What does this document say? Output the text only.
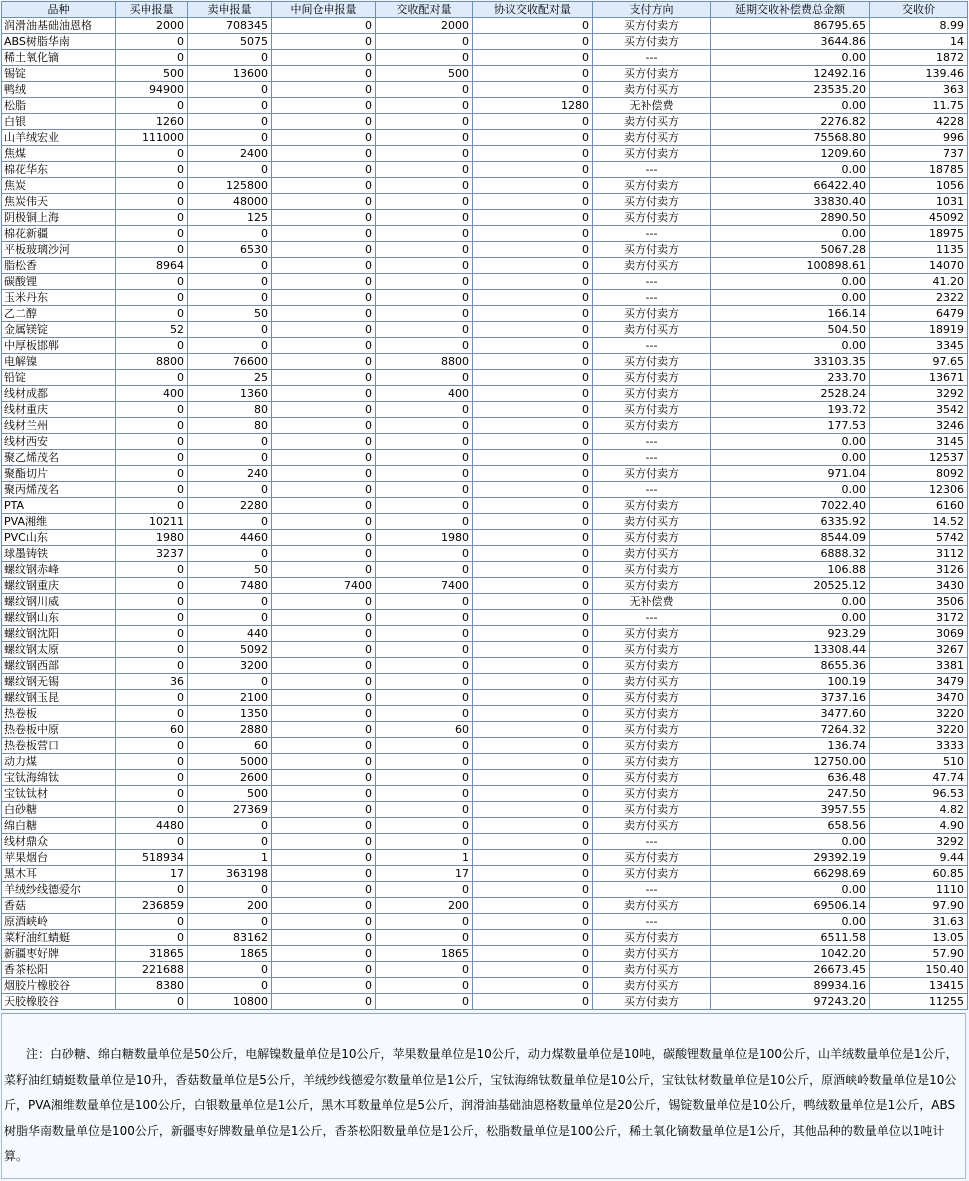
品种	买申报量	卖申报量	中间仓申报量	交收配对量	协议交收配对量	支付方向	延期交收补偿费总金额	交收价
润滑油基础油恩格	2000	708345	0	2000	0	买方付卖方	86795.65	8.99
ABS树脂华南	0	5075	0	0	0	买方付卖方	3644.86	14
稀土氧化镝	0	0	0	0	0	---	0.00	1872
锡锭	500	13600	0	500	0	买方付卖方	12492.16	139.46
鸭绒	94900	0	0	0	0	卖方付买方	23535.20	363
松脂	0	0	0	0	1280	无补偿费	0.00	11.75
白银	1260	0	0	0	0	卖方付买方	2276.82	4228
山羊绒宏业	111000	0	0	0	0	卖方付买方	75568.80	996
焦煤	0	2400	0	0	0	买方付卖方	1209.60	737
棉花华东	0	0	0	0	0	---	0.00	18785
焦炭	0	125800	0	0	0	买方付卖方	66422.40	1056
焦炭伟天	0	48000	0	0	0	买方付卖方	33830.40	1031
阴极铜上海	0	125	0	0	0	买方付卖方	2890.50	45092
棉花新疆	0	0	0	0	0	---	0.00	18975
平板玻璃沙河	0	6530	0	0	0	买方付卖方	5067.28	1135
脂松香	8964	0	0	0	0	卖方付买方	100898.61	14070
碳酸锂	0	0	0	0	0	---	0.00	41.20
玉米丹东	0	0	0	0	0	---	0.00	2322
乙二醇	0	50	0	0	0	买方付卖方	166.14	6479
金属镁锭	52	0	0	0	0	卖方付买方	504.50	18919
中厚板邯郸	0	0	0	0	0	---	0.00	3345
电解镍	8800	76600	0	8800	0	买方付卖方	33103.35	97.65
铅锭	0	25	0	0	0	买方付卖方	233.70	13671
线材成都	400	1360	0	400	0	买方付卖方	2528.24	3292
线材重庆	0	80	0	0	0	买方付卖方	193.72	3542
线材兰州	0	80	0	0	0	买方付卖方	177.53	3246
线材西安	0	0	0	0	0	---	0.00	3145
聚乙烯茂名	0	0	0	0	0	---	0.00	12537
聚酯切片	0	240	0	0	0	买方付卖方	971.04	8092
聚丙烯茂名	0	0	0	0	0	---	0.00	12306
PTA	0	2280	0	0	0	买方付卖方	7022.40	6160
PVA湘维	10211	0	0	0	0	卖方付买方	6335.92	14.52
PVC山东	1980	4460	0	1980	0	买方付卖方	8544.09	5742
球墨铸铁	3237	0	0	0	0	卖方付买方	6888.32	3112
螺纹钢赤峰	0	50	0	0	0	买方付卖方	106.88	3126
螺纹钢重庆	0	7480	7400	7400	0	买方付卖方	20525.12	3430
螺纹钢川威	0	0	0	0	0	无补偿费	0.00	3506
螺纹钢山东	0	0	0	0	0	---	0.00	3172
螺纹钢沈阳	0	440	0	0	0	买方付卖方	923.29	3069
螺纹钢太原	0	5092	0	0	0	买方付卖方	13308.44	3267
螺纹钢西部	0	3200	0	0	0	买方付卖方	8655.36	3381
螺纹钢无锡	36	0	0	0	0	卖方付买方	100.19	3479
螺纹钢玉昆	0	2100	0	0	0	买方付卖方	3737.16	3470
热卷板	0	1350	0	0	0	买方付卖方	3477.60	3220
热卷板中原	60	2880	0	60	0	买方付卖方	7264.32	3220
热卷板营口	0	60	0	0	0	买方付卖方	136.74	3333
动力煤	0	5000	0	0	0	买方付卖方	12750.00	510
宝钛海绵钛	0	2600	0	0	0	买方付卖方	636.48	47.74
宝钛钛材	0	500	0	0	0	买方付卖方	247.50	96.53
白砂糖	0	27369	0	0	0	买方付卖方	3957.55	4.82
绵白糖	4480	0	0	0	0	卖方付买方	658.56	4.90
线材鼎众	0	0	0	0	0	---	0.00	3292
苹果烟台	518934	1	0	1	0	买方付卖方	29392.19	9.44
黑木耳	17	363198	0	17	0	买方付卖方	66298.69	60.85
羊绒纱线德爱尔	0	0	0	0	0	---	0.00	1110
香菇	236859	200	0	200	0	卖方付买方	69506.14	97.90
原酒峡岭	0	0	0	0	0	---	0.00	31.63
菜籽油红蜻蜓	0	83162	0	0	0	买方付卖方	6511.58	13.05
新疆枣好牌	31865	1865	0	1865	0	卖方付买方	1042.20	57.90
香茶松阳	221688	0	0	0	0	卖方付买方	26673.45	150.40
烟胶片橡胶谷	8380	0	0	0	0	卖方付买方	89934.16	13415
天胶橡胶谷	0	10800	0	0	0	买方付卖方	97243.20	11255

注：白砂糖、绵白糖数量单位是50公斤，电解镍数量单位是10公斤，苹果数量单位是10公斤，动力煤数量单位是10吨，碳酸锂数量单位是100公斤，山羊绒数量单位是1公斤，菜籽油红蜻蜓数量单位是10升，香菇数量单位是5公斤，羊绒纱线德爱尔数量单位是1公斤，宝钛海绵钛数量单位是10公斤，宝钛钛材数量单位是10公斤，原酒峡岭数量单位是10公斤，PVA湘维数量单位是100公斤，白银数量单位是1公斤，黑木耳数量单位是5公斤，润滑油基础油恩格数量单位是20公斤，锡锭数量单位是10公斤，鸭绒数量单位是1公斤，ABS树脂华南数量单位是100公斤，新疆枣好牌数量单位是1公斤，香茶松阳数量单位是1公斤，松脂数量单位是100公斤，稀土氧化镝数量单位是1公斤，其他品种的数量单位以1吨计算。
